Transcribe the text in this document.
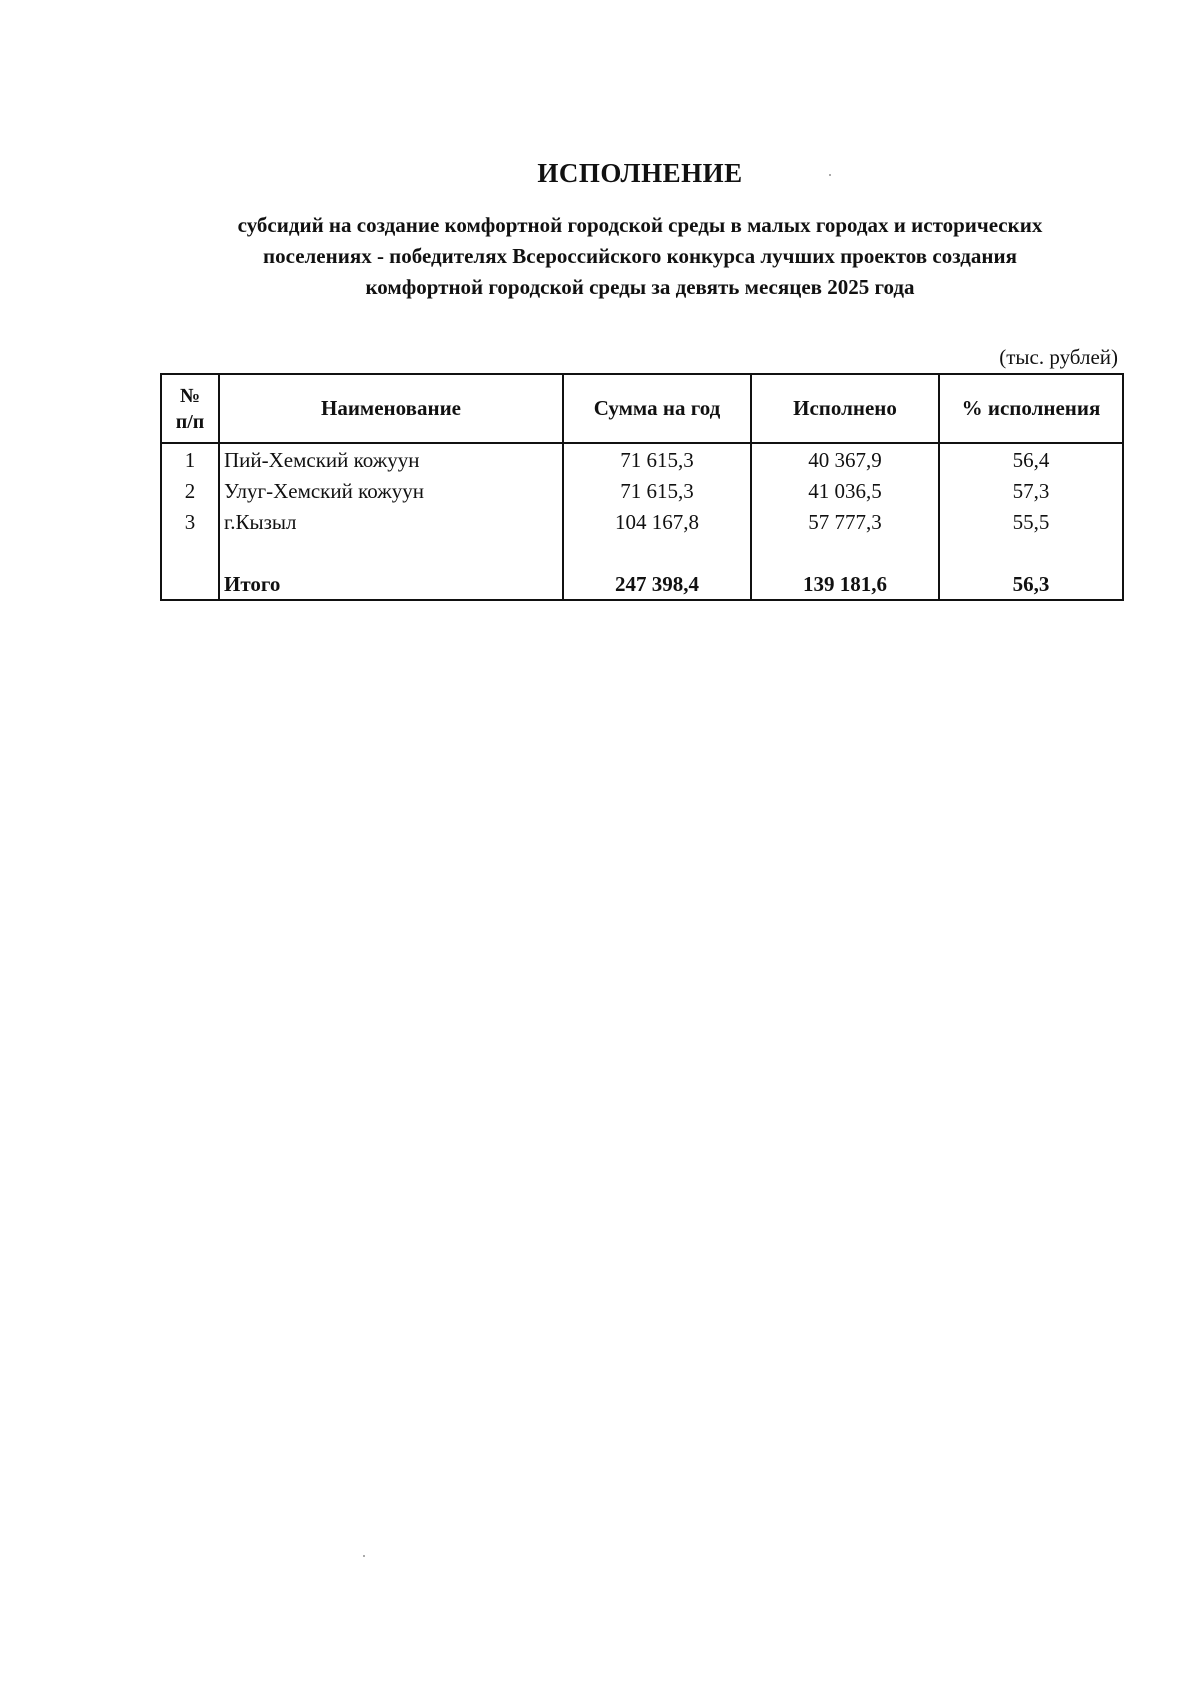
ИСПОЛНЕНИЕ
субсидий на создание комфортной городской среды в малых городах и исторических
поселениях - победителях Всероссийского конкурса лучших проектов создания
комфортной городской среды за девять месяцев 2025 года
(тыс. рублей)
№
п/п	Наименование	Сумма на год	Исполнено	% исполнения
1	Пий-Хемский кожуун	71 615,3	40 367,9	56,4
2	Улуг-Хемский кожуун	71 615,3	41 036,5	57,3
3	г.Кызыл	104 167,8	57 777,3	55,5

	Итого	247 398,4	139 181,6	56,3
